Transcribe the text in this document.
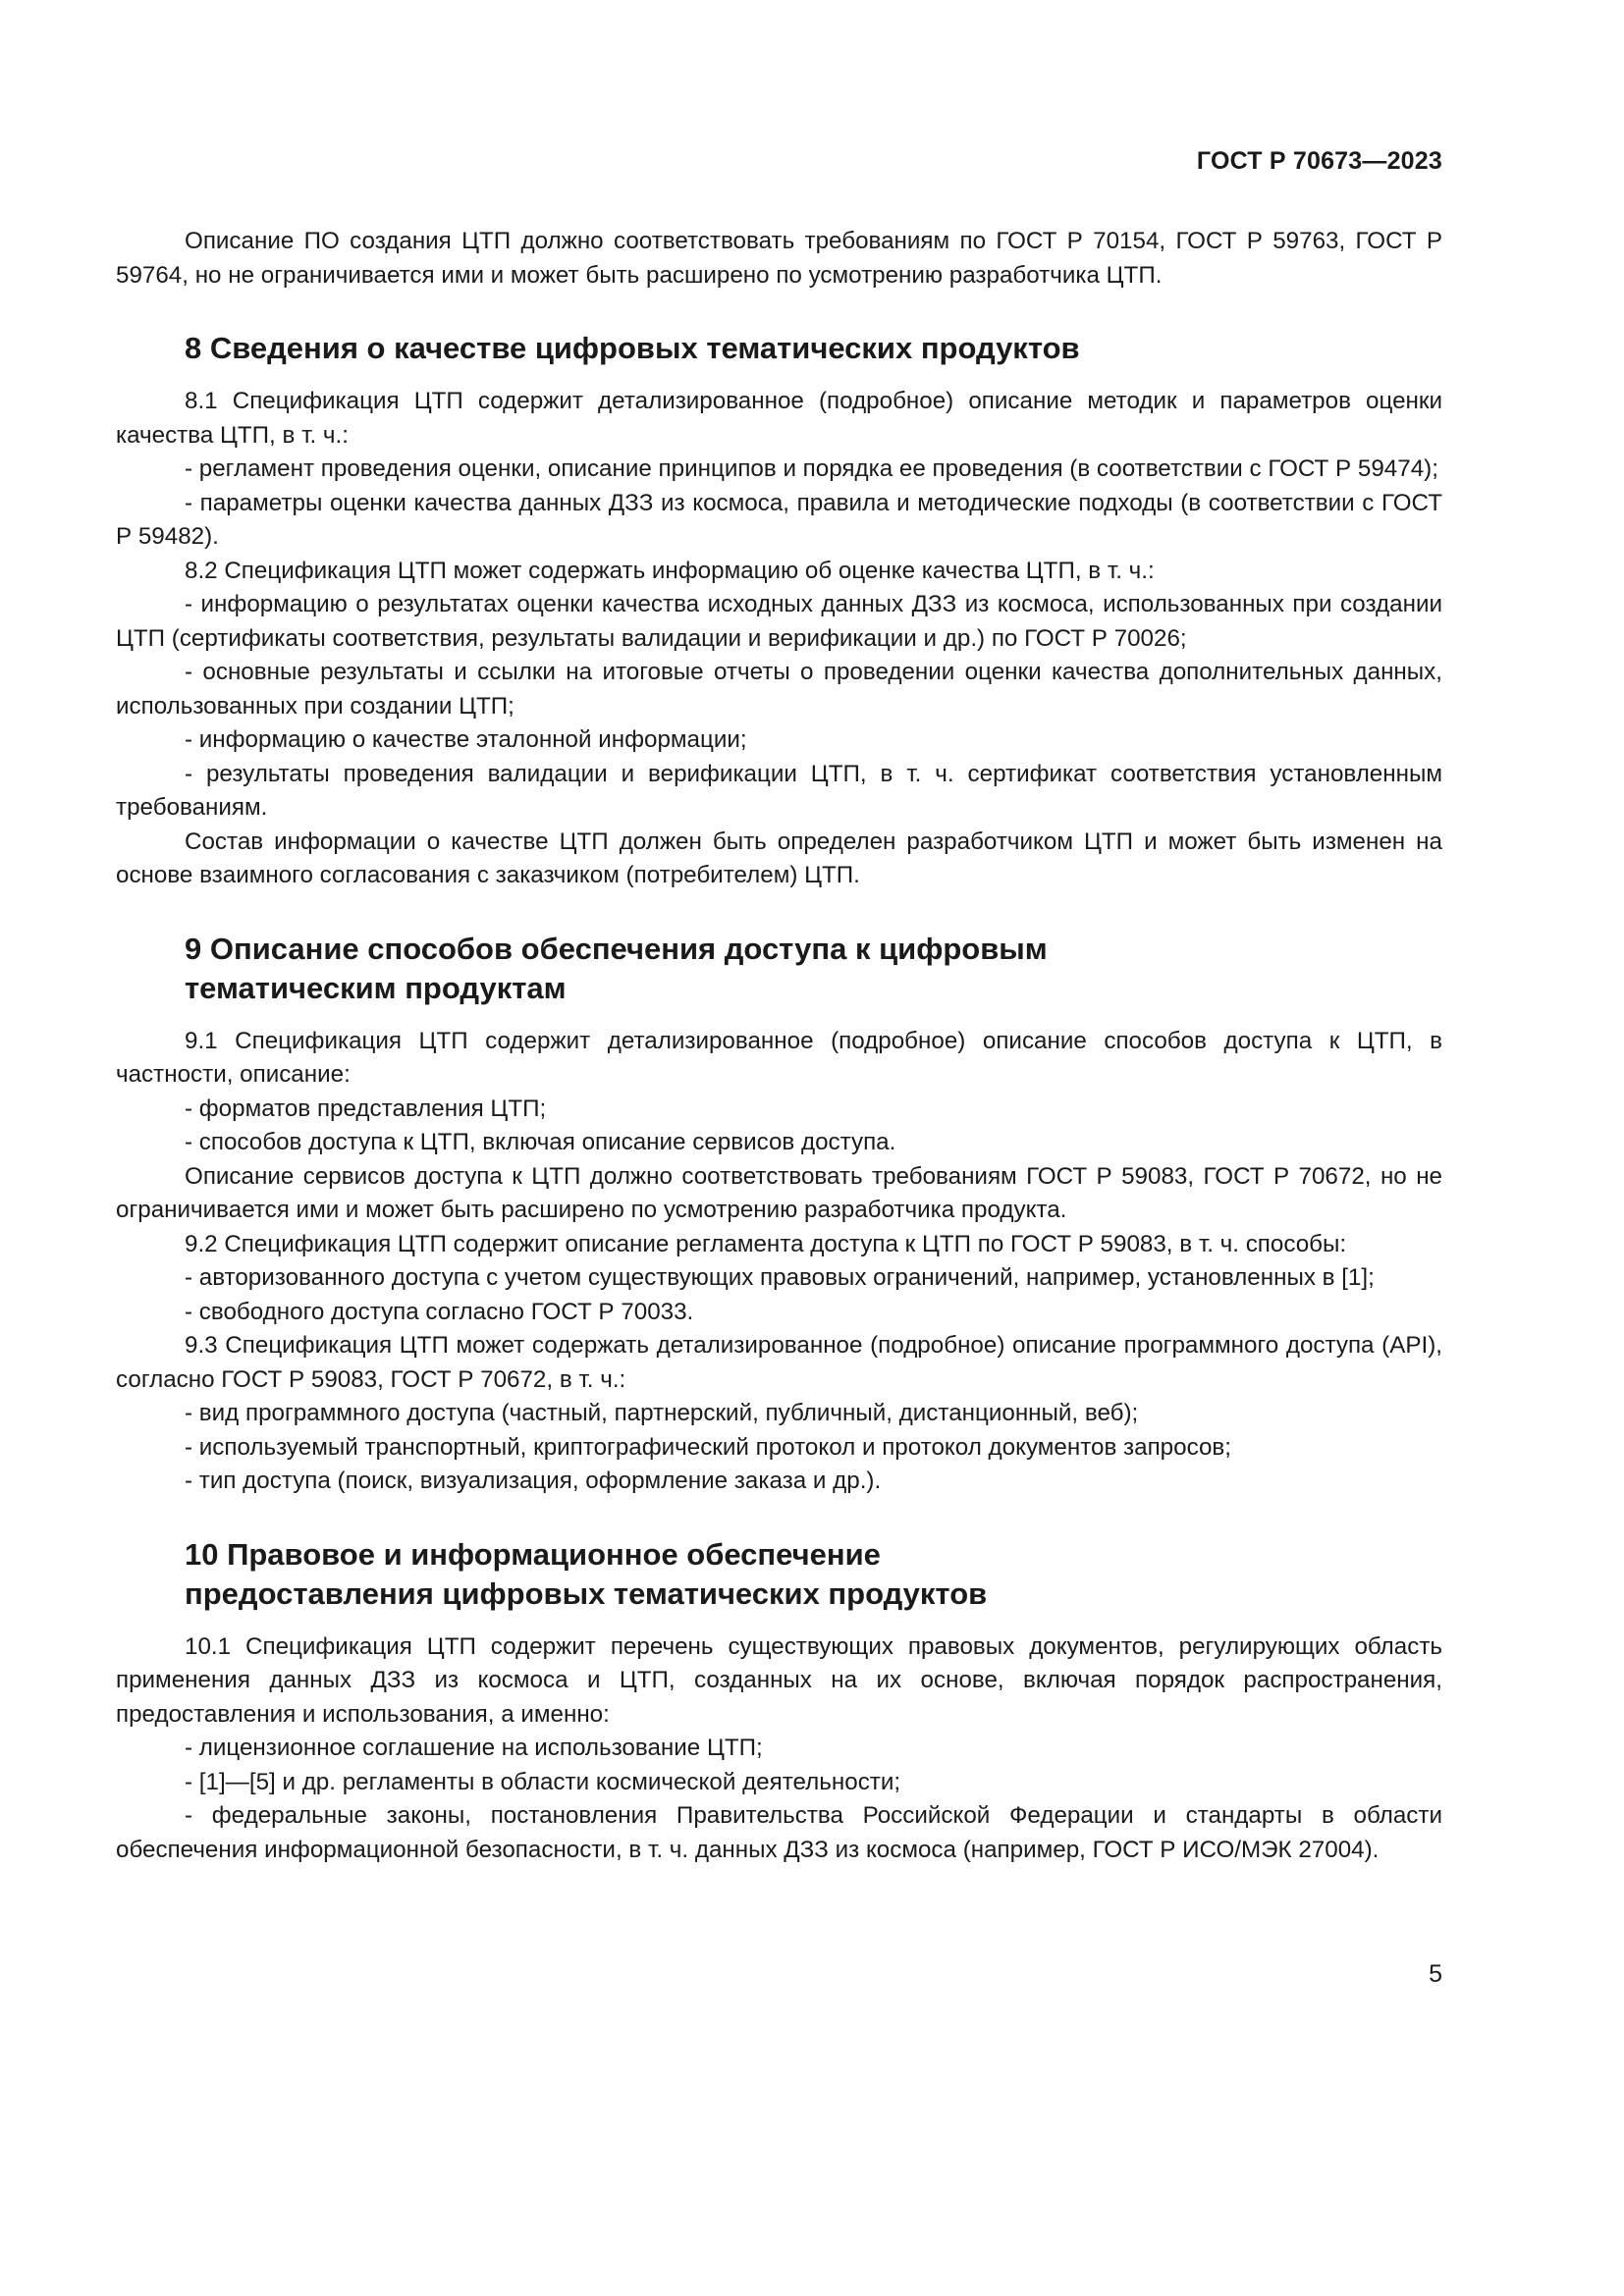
ГОСТ Р 70673—2023

Описание ПО создания ЦТП должно соответствовать требованиям по ГОСТ Р 70154, ГОСТ Р 59763, ГОСТ Р 59764, но не ограничивается ими и может быть расширено по усмотрению разработчика ЦТП.

8 Сведения о качестве цифровых тематических продуктов

8.1 Спецификация ЦТП содержит детализированное (подробное) описание методик и параметров оценки качества ЦТП, в т. ч.:

- регламент проведения оценки, описание принципов и порядка ее проведения (в соответствии с ГОСТ Р 59474);

- параметры оценки качества данных ДЗЗ из космоса, правила и методические подходы (в соответствии с ГОСТ Р 59482).

8.2 Спецификация ЦТП может содержать информацию об оценке качества ЦТП, в т. ч.:

- информацию о результатах оценки качества исходных данных ДЗЗ из космоса, использованных при создании ЦТП (сертификаты соответствия, результаты валидации и верификации и др.) по ГОСТ Р 70026;

- основные результаты и ссылки на итоговые отчеты о проведении оценки качества дополнительных данных, использованных при создании ЦТП;

- информацию о качестве эталонной информации;

- результаты проведения валидации и верификации ЦТП, в т. ч. сертификат соответствия установленным требованиям.

Состав информации о качестве ЦТП должен быть определен разработчиком ЦТП и может быть изменен на основе взаимного согласования с заказчиком (потребителем) ЦТП.

9 Описание способов обеспечения доступа к цифровым
тематическим продуктам

9.1 Спецификация ЦТП содержит детализированное (подробное) описание способов доступа к ЦТП, в частности, описание:

- форматов представления ЦТП;

- способов доступа к ЦТП, включая описание сервисов доступа.

Описание сервисов доступа к ЦТП должно соответствовать требованиям ГОСТ Р 59083, ГОСТ Р 70672, но не ограничивается ими и может быть расширено по усмотрению разработчика продукта.

9.2 Спецификация ЦТП содержит описание регламента доступа к ЦТП по ГОСТ Р 59083, в т. ч. способы:

- авторизованного доступа с учетом существующих правовых ограничений, например, установленных в [1];

- свободного доступа согласно ГОСТ Р 70033.

9.3 Спецификация ЦТП может содержать детализированное (подробное) описание программного доступа (API), согласно ГОСТ Р 59083, ГОСТ Р 70672, в т. ч.:

- вид программного доступа (частный, партнерский, публичный, дистанционный, веб);

- используемый транспортный, криптографический протокол и протокол документов запросов;

- тип доступа (поиск, визуализация, оформление заказа и др.).

10 Правовое и информационное обеспечение
предоставления цифровых тематических продуктов

10.1 Спецификация ЦТП содержит перечень существующих правовых документов, регулирующих область применения данных ДЗЗ из космоса и ЦТП, созданных на их основе, включая порядок распространения, предоставления и использования, а именно:

- лицензионное соглашение на использование ЦТП;

- [1]—[5] и др. регламенты в области космической деятельности;

- федеральные законы, постановления Правительства Российской Федерации и стандарты в области обеспечения информационной безопасности, в т. ч. данных ДЗЗ из космоса (например, ГОСТ Р ИСО/МЭК 27004).

5
